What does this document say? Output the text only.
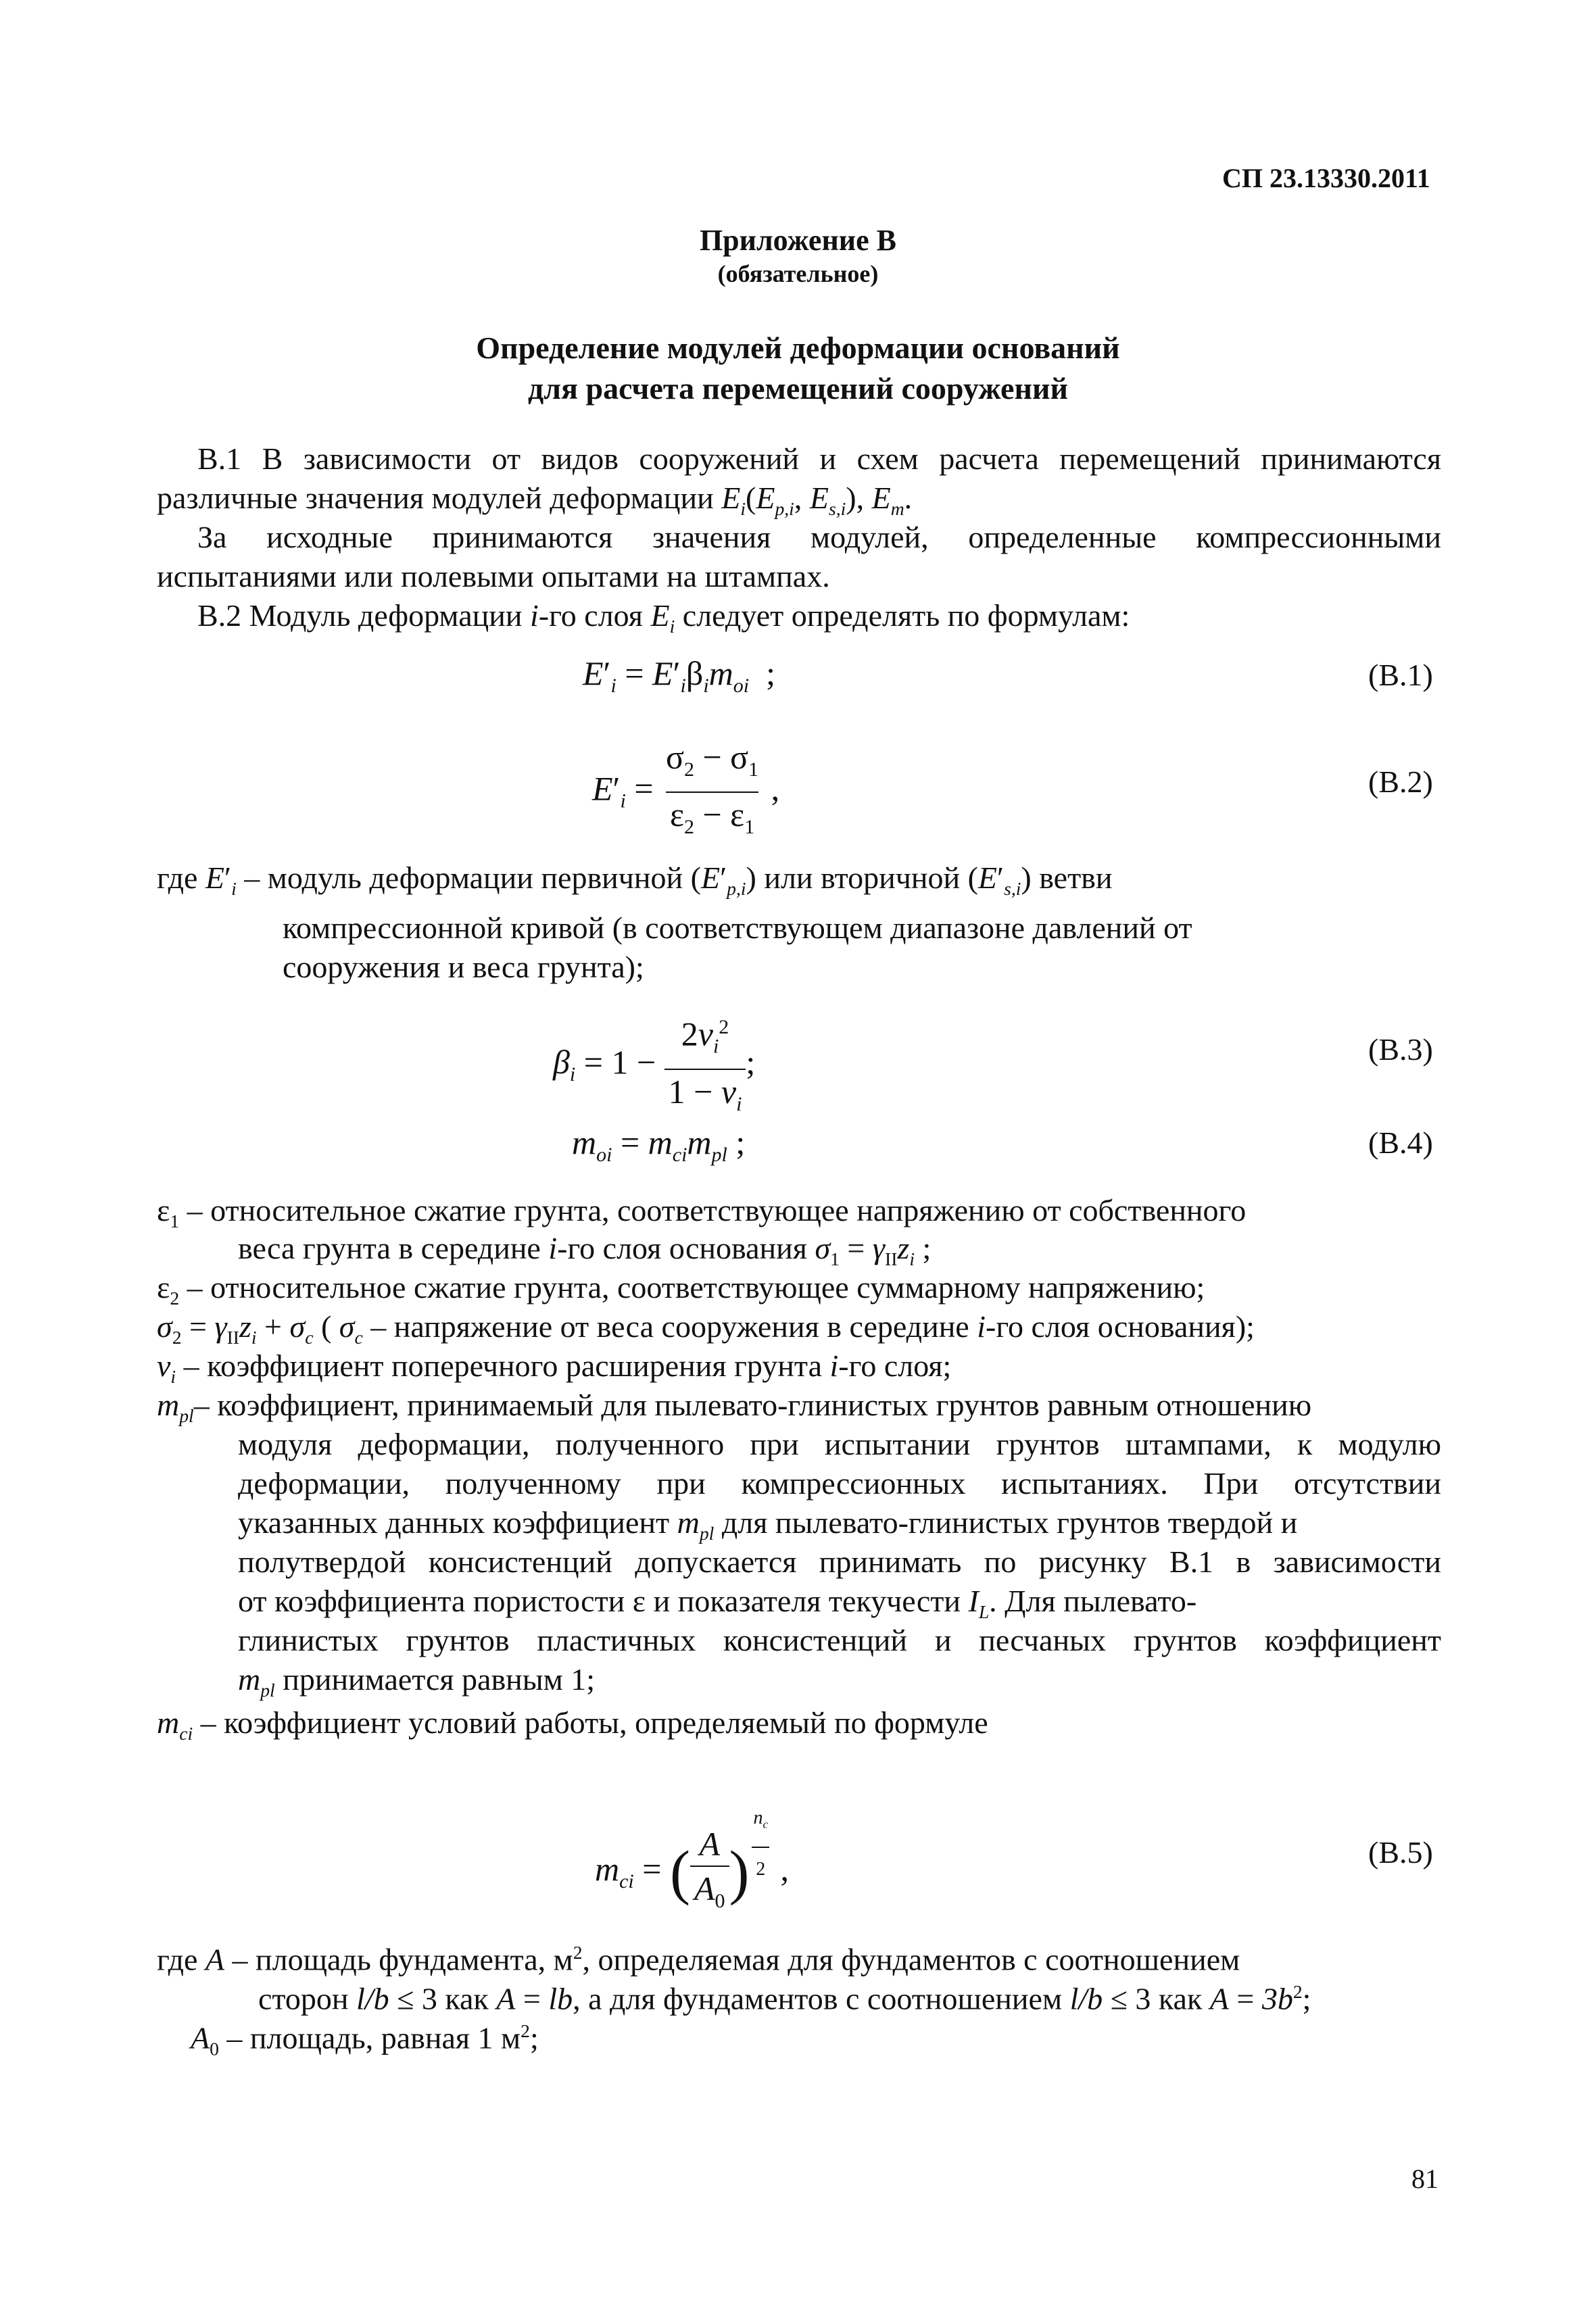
СП 23.13330.2011
Приложение В
(обязательное)
Определение модулей деформации оснований
для расчета перемещений сооружений
В.1 В зависимости от видов сооружений и схем расчета перемещений принимаются
различные значения модулей деформации $E_i(E_{p,i}$, $E_{s,i}$), $E_m$.
За исходные принимаются значения модулей, определенные компрессионными
испытаниями или полевыми опытами на штампах.
В.2 Модуль деформации i-го слоя $E_i$ следует определять по формулам:
$E'_i = E'_i\beta_im_{oi}$  ;	(В.1)
$E'_i = \frac{\sigma_2 - \sigma_1}{\varepsilon_2 - \varepsilon_1}$ ,	(В.2)
где $E'_i$ – модуль деформации первичной $(E'_{p,i})$ или вторичной $(E'_{s,i})$ ветви
компрессионной кривой (в соответствующем диапазоне давлений от
сооружения и веса грунта);
$\beta_i = 1 - \frac{2\nu_i^2}{1 - \nu_i}$ ;	(В.3)
$m_{oi} = m_{ci}m_{pl}$ ;	(В.4)
$\varepsilon_1$ – относительное сжатие грунта, соответствующее напряжению от собственного
веса грунта в середине i-го слоя основания $\sigma_1 = \gamma_{II}z_i$ ;
$\varepsilon_2$ – относительное сжатие грунта, соответствующее суммарному напряжению;
$\sigma_2 = \gamma_{II}z_i + \sigma_c$ ( $\sigma_c$ – напряжение от веса сооружения в середине i-го слоя основания);
$\nu_i$ – коэффициент поперечного расширения грунта i-го слоя;
$m_{pl}-$ коэффициент, принимаемый для пылевато-глинистых грунтов равным отношению
модуля деформации, полученного при испытании грунтов штампами, к модулю
деформации, полученному при компрессионных испытаниях. При отсутствии
указанных данных коэффициент $m_{pl}$ для пылевато-глинистых грунтов твердой и
полутвердой консистенций допускается принимать по рисунку В.1 в зависимости
от коэффициента пористости ε и показателя текучести $I_L$. Для пылевато-
глинистых грунтов пластичных консистенций и песчаных грунтов коэффициент
$m_{pl}$ принимается равным 1;
$m_{ci}$ – коэффициент условий работы, определяемый по формуле
$m_{ci}$ = ( $\frac{A}{A_0}$ ) $^{\frac{n_c}{2}}$ ,	(В.5)
где A – площадь фундамента, $м^2$, определяемая для фундаментов с соотношением
сторон l/b ≤ 3 как A = lb, а для фундаментов с соотношением l/b ≤ 3 как $A = 3b^2$;
$A_0$ – площадь, равная 1 $м^2$;
81
